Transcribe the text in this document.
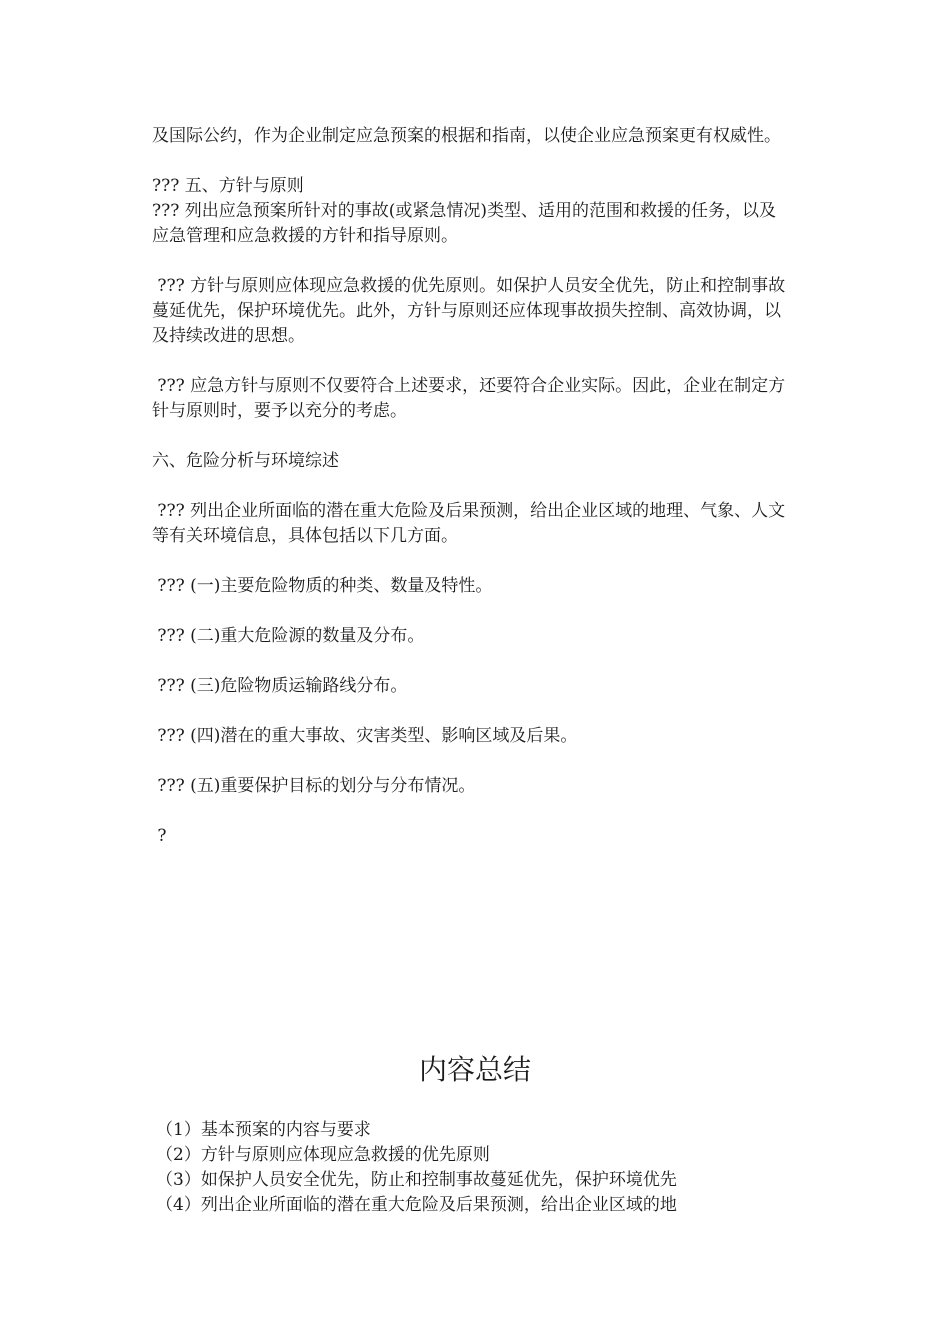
及国际公约，作为企业制定应急预案的根据和指南，以使企业应急预案更有权威性。

??? 五、方针与原则

??? 列出应急预案所针对的事故(或紧急情况)类型、适用的范围和救援的任务，以及应急管理和应急救援的方针和指导原则。

??? 方针与原则应体现应急救援的优先原则。如保护人员安全优先，防止和控制事故蔓延优先，保护环境优先。此外，方针与原则还应体现事故损失控制、高效协调，以及持续改进的思想。

??? 应急方针与原则不仅要符合上述要求，还要符合企业实际。因此，企业在制定方针与原则时，要予以充分的考虑。

六、危险分析与环境综述

??? 列出企业所面临的潜在重大危险及后果预测，给出企业区域的地理、气象、人文等有关环境信息，具体包括以下几方面。

??? (一)主要危险物质的种类、数量及特性。

??? (二)重大危险源的数量及分布。

??? (三)危险物质运输路线分布。

??? (四)潜在的重大事故、灾害类型、影响区域及后果。

??? (五)重要保护目标的划分与分布情况。

?

内容总结
（1）基本预案的内容与要求
（2）方针与原则应体现应急救援的优先原则
（3）如保护人员安全优先，防止和控制事故蔓延优先，保护环境优先
（4）列出企业所面临的潜在重大危险及后果预测，给出企业区域的地
